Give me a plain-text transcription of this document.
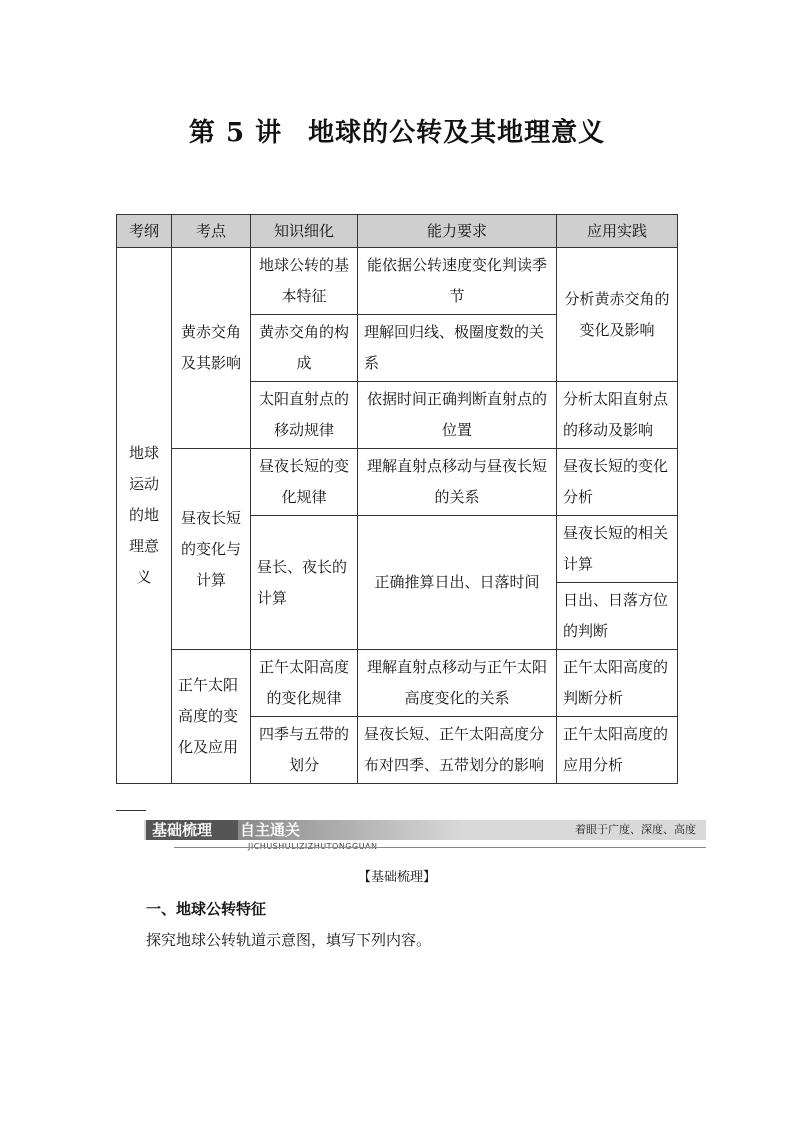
第 5 讲 地球的公转及其地理意义
考纲	考点	知识细化	能力要求	应用实践
地球运动的地理意义	黄赤交角及其影响	地球公转的基本特征	能依据公转速度变化判读季节	分析黄赤交角的变化及影响
		黄赤交角的构成	理解回归线、极圈度数的关系	
		太阳直射点的移动规律	依据时间正确判断直射点的位置	分析太阳直射点的移动及影响
	昼夜长短的变化与计算	昼夜长短的变化规律	理解直射点移动与昼夜长短的关系	昼夜长短的变化分析
		昼长、夜长的计算	正确推算日出、日落时间	昼夜长短的相关计算
				日出、日落方位的判断

	正午太阳高度的变化及应用	正午太阳高度的变化规律	理解直射点移动与正午太阳高度变化的关系	正午太阳高度的判断分析
		四季与五带的划分	昼夜长短、正午太阳高度分布对四季、五带划分的影响	正午太阳高度的应用分析
基础梳理	自主通关	着眼于广度、深度、高度
【基础梳理】
一、地球公转特征
探究地球公转轨道示意图，填写下列内容。
